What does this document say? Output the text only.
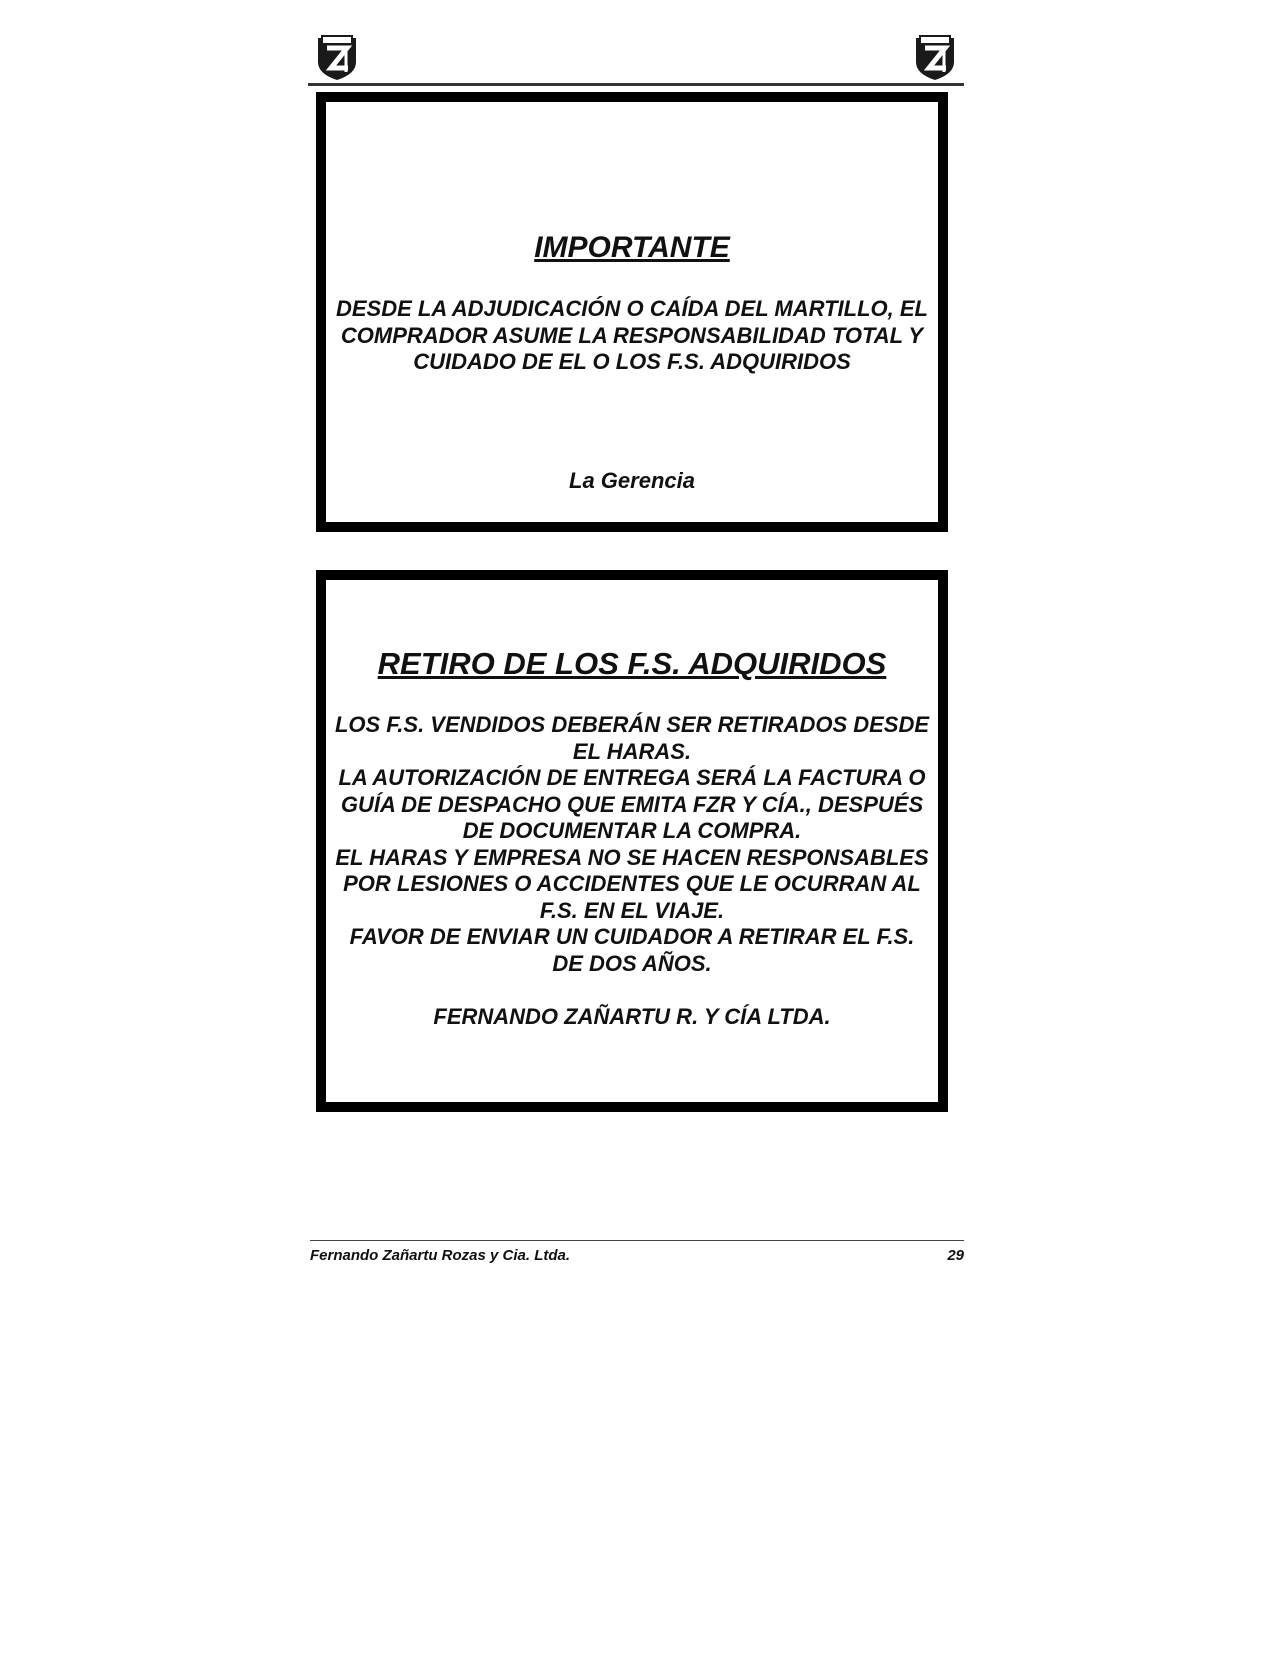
IMPORTANTE
DESDE LA ADJUDICACIÓN O CAÍDA DEL MARTILLO, EL COMPRADOR ASUME LA RESPONSABILIDAD TOTAL Y CUIDADO DE EL O LOS F.S. ADQUIRIDOS
La Gerencia
RETIRO DE LOS F.S. ADQUIRIDOS

LOS F.S. VENDIDOS DEBERÁN SER RETIRADOS DESDE EL HARAS.

LA AUTORIZACIÓN DE ENTREGA SERÁ LA FACTURA O GUÍA DE DESPACHO QUE EMITA FZR Y CÍA., DESPUÉS DE DOCUMENTAR LA COMPRA.

EL HARAS Y EMPRESA NO SE HACEN RESPONSABLES POR LESIONES O ACCIDENTES QUE LE OCURRAN AL F.S. EN EL VIAJE.

FAVOR DE ENVIAR UN CUIDADOR A RETIRAR EL F.S. DE DOS AÑOS.

FERNANDO ZAÑARTU R. Y CÍA LTDA.
Fernando Zañartu Rozas y Cia. Ltda.	29
